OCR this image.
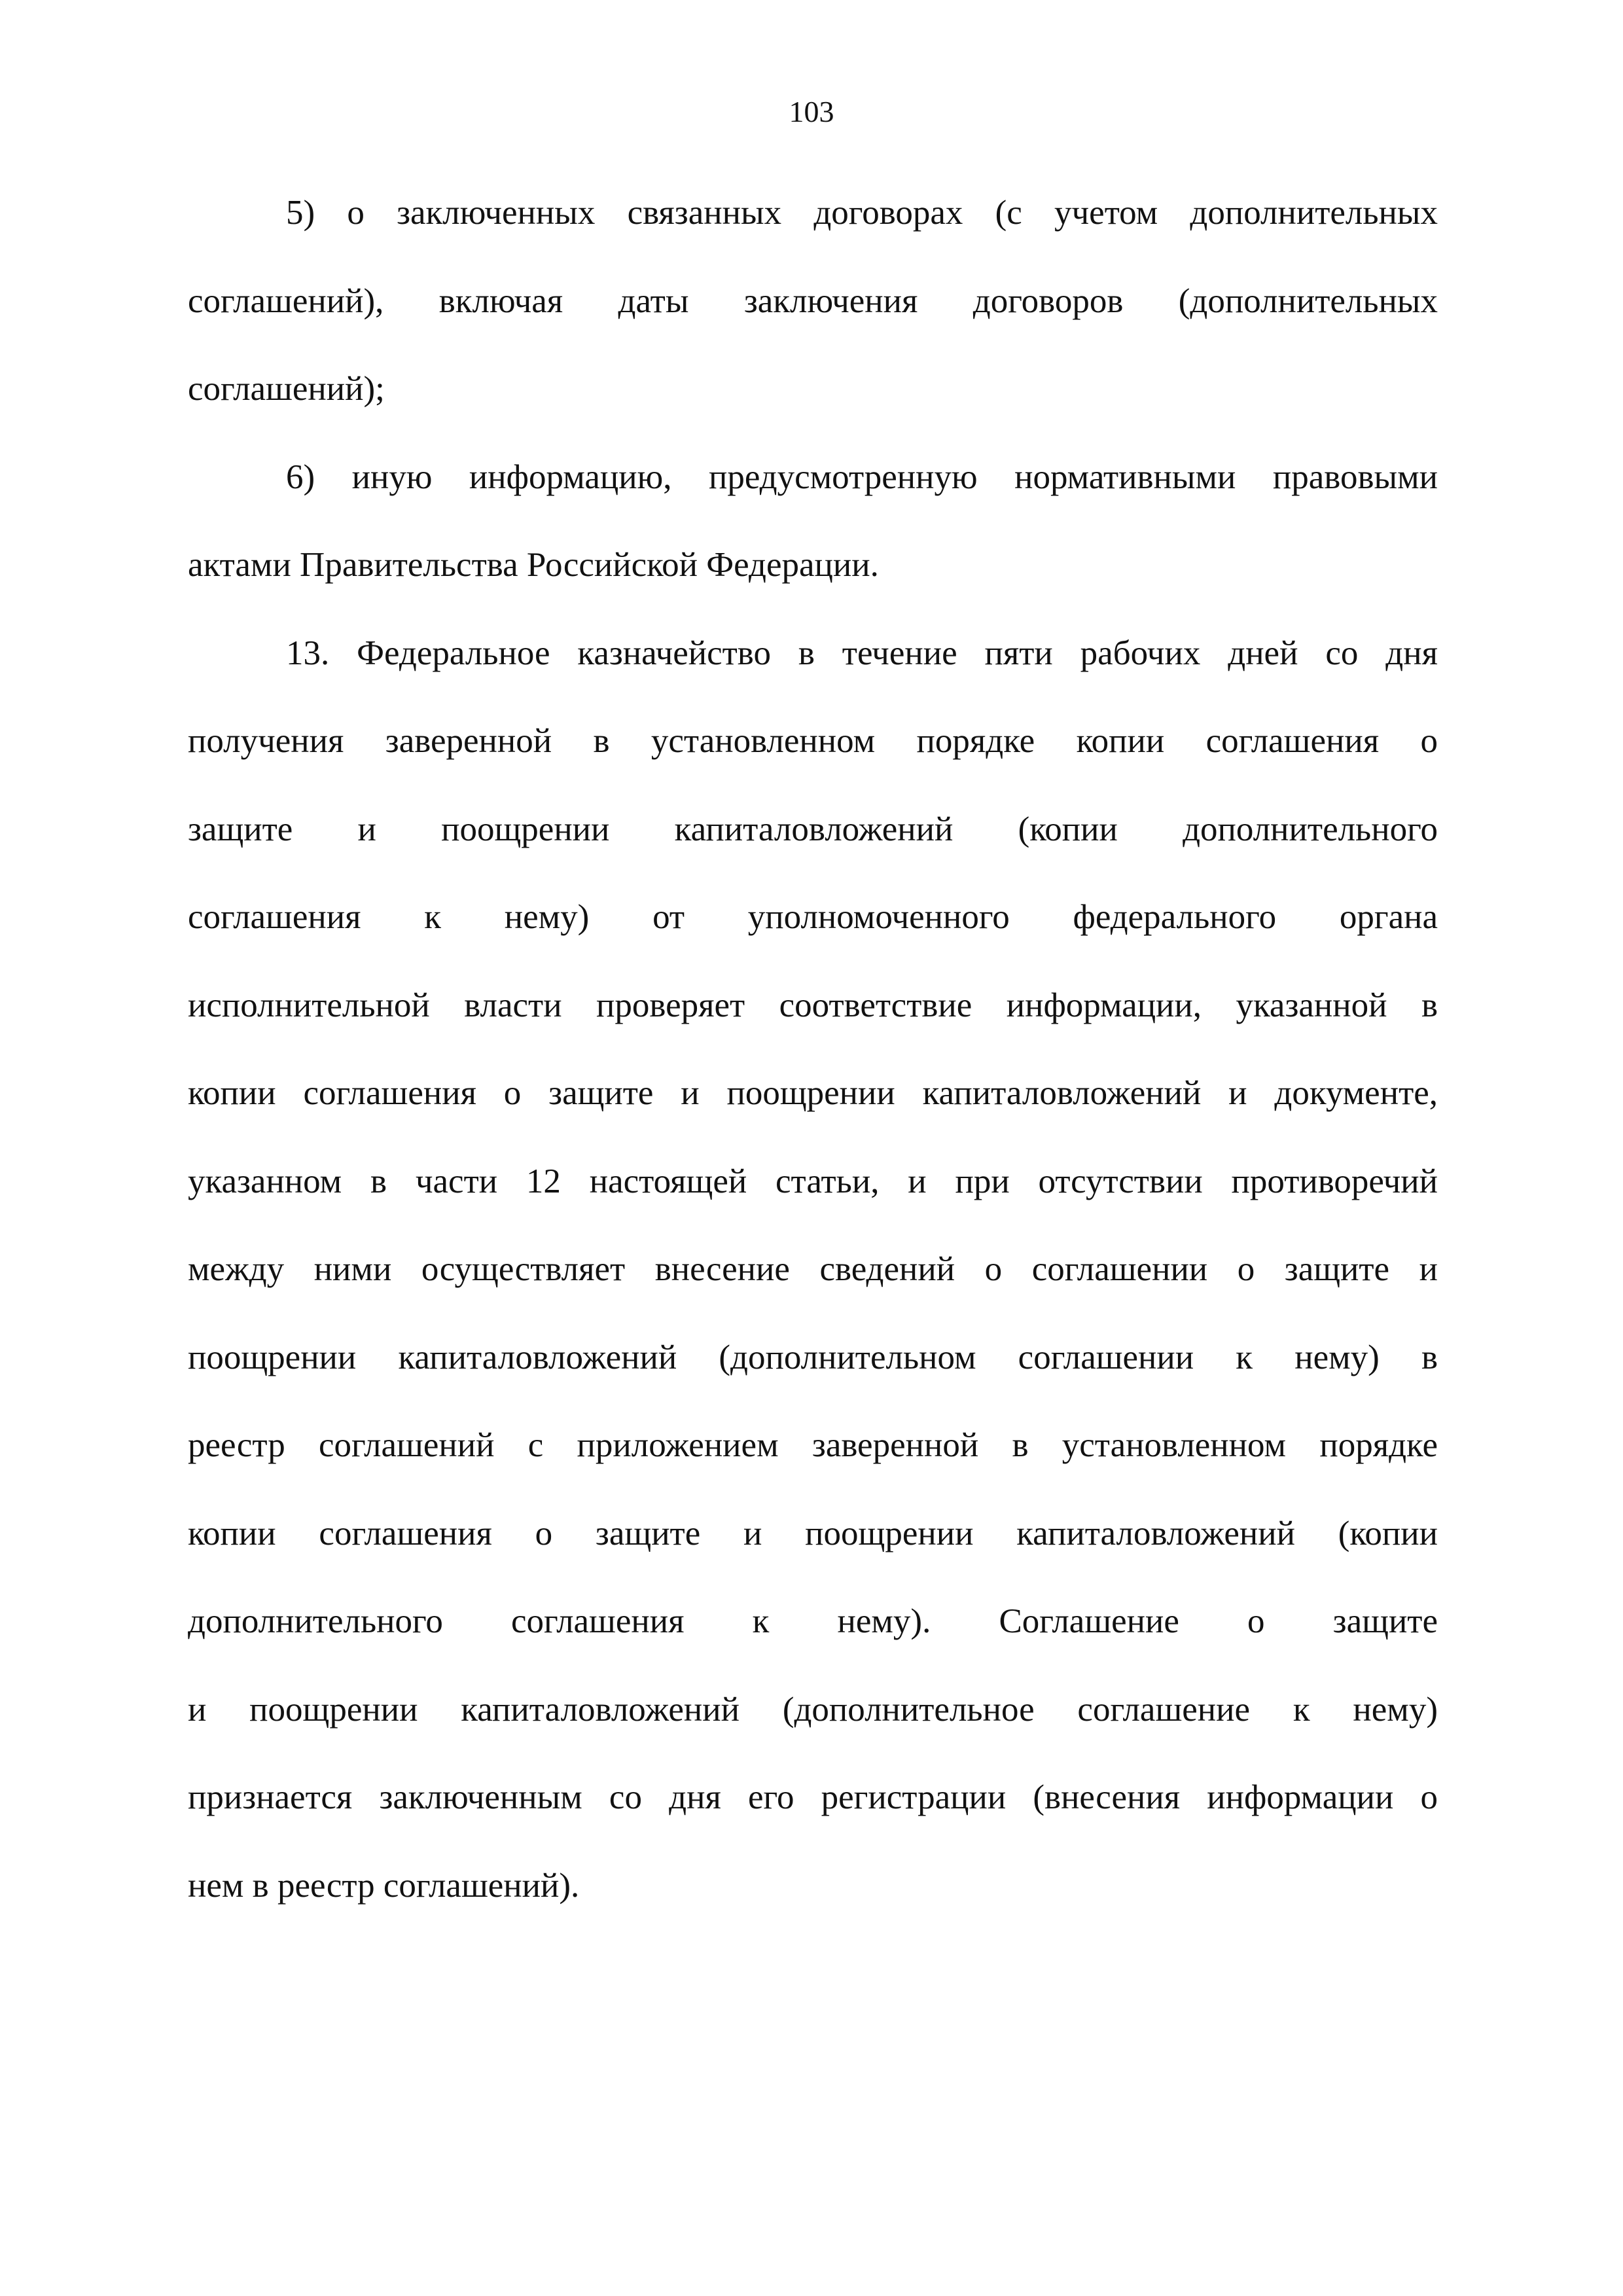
103
5) о заключенных связанных договорах (с учетом дополнительных
соглашений), включая даты заключения договоров (дополнительных
соглашений);
6) иную информацию, предусмотренную нормативными правовыми
актами Правительства Российской Федерации.
13. Федеральное казначейство в течение пяти рабочих дней со дня
получения заверенной в установленном порядке копии соглашения о
защите и поощрении капиталовложений (копии дополнительного
соглашения к нему) от уполномоченного федерального органа
исполнительной власти проверяет соответствие информации, указанной в
копии соглашения о защите и поощрении капиталовложений и документе,
указанном в части 12 настоящей статьи, и при отсутствии противоречий
между ними осуществляет внесение сведений о соглашении о защите и
поощрении капиталовложений (дополнительном соглашении к нему) в
реестр соглашений с приложением заверенной в установленном порядке
копии соглашения о защите и поощрении капиталовложений (копии
дополнительного соглашения к нему). Соглашение о защите
и поощрении капиталовложений (дополнительное соглашение к нему)
признается заключенным со дня его регистрации (внесения информации о
нем в реестр соглашений).
